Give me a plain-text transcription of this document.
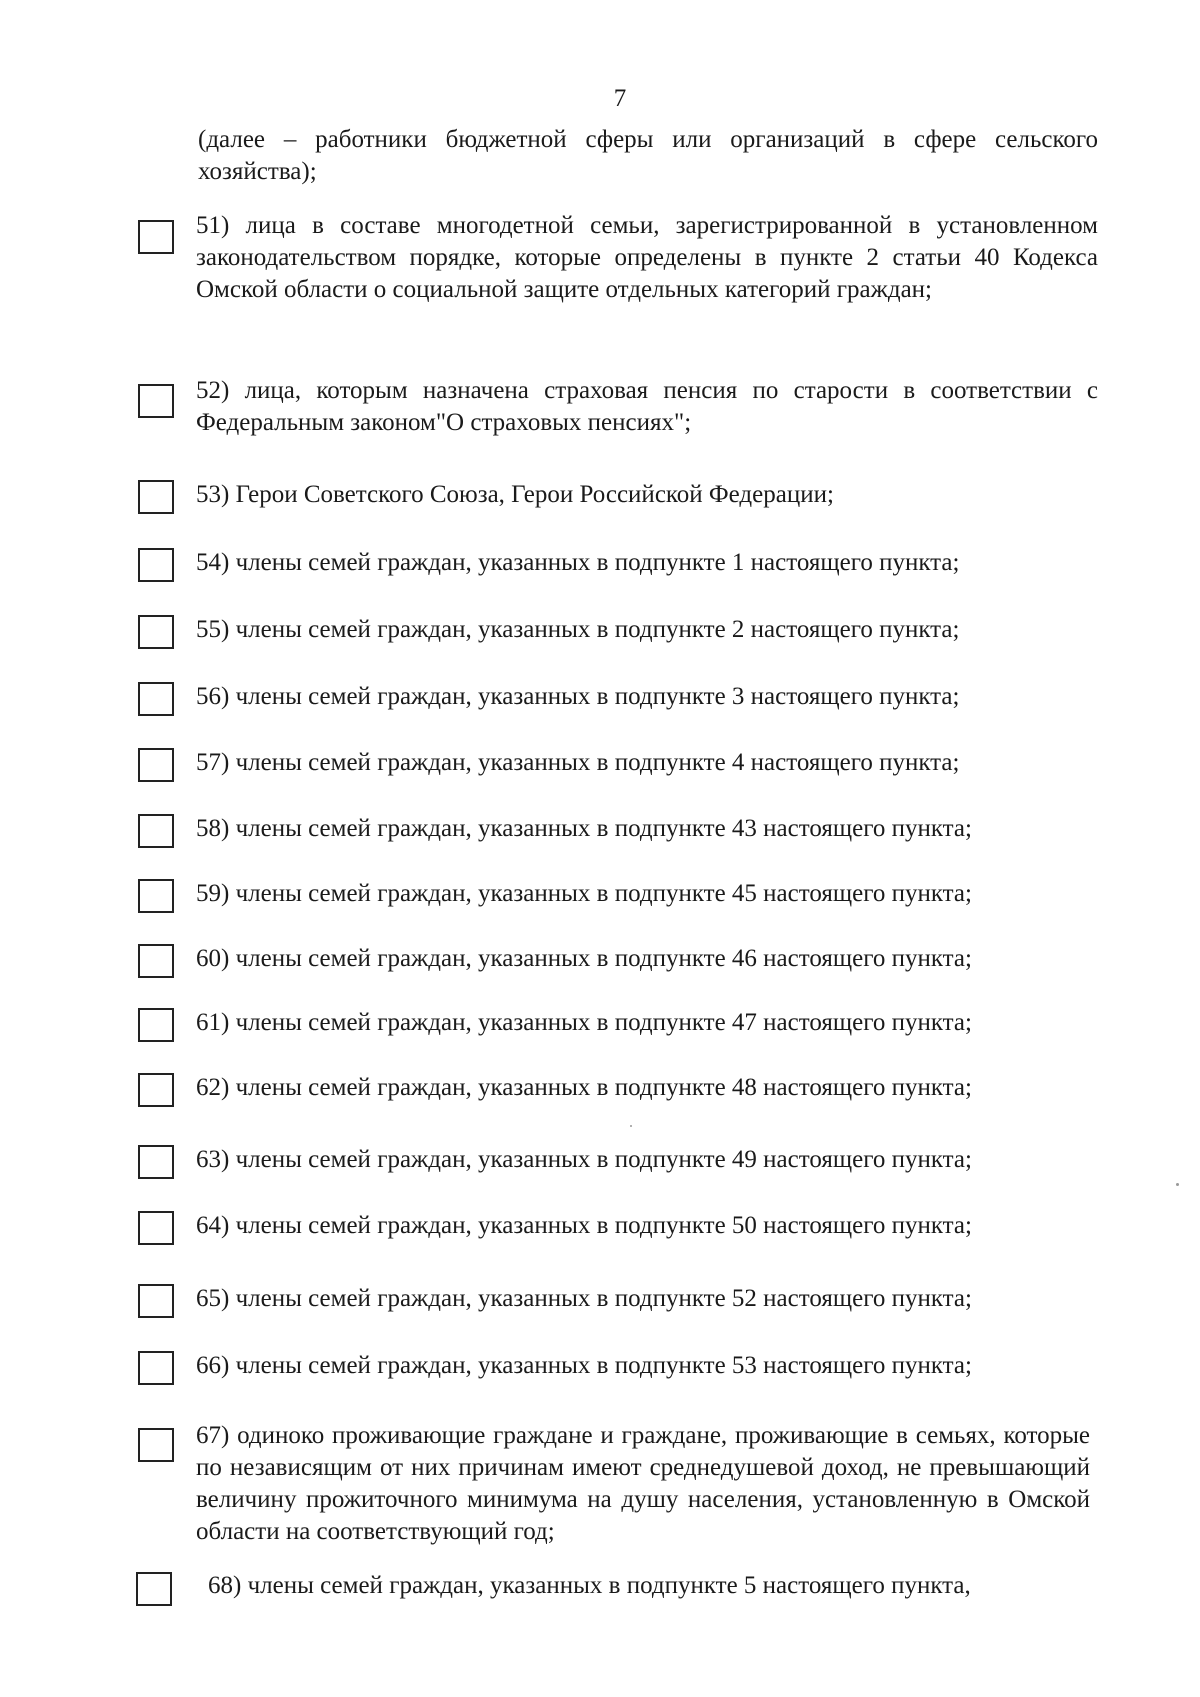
7
(далее – работники бюджетной сферы или организаций в сфере сельского хозяйства);
51) лица в составе многодетной семьи, зарегистрированной в установленном законодательством порядке, которые определены в пункте 2 статьи 40 Кодекса Омской области о социальной защите отдельных категорий граждан;
52) лица, которым назначена страховая пенсия по старости в соответствии с Федеральным законом"О страховых пенсиях";
53) Герои Советского Союза, Герои Российской Федерации;
54) члены семей граждан, указанных в подпункте 1 настоящего пункта;
55) члены семей граждан, указанных в подпункте 2 настоящего пункта;
56) члены семей граждан, указанных в подпункте 3 настоящего пункта;
57) члены семей граждан, указанных в подпункте 4 настоящего пункта;
58) члены семей граждан, указанных в подпункте 43 настоящего пункта;
59) члены семей граждан, указанных в подпункте 45 настоящего пункта;
60) члены семей граждан, указанных в подпункте 46 настоящего пункта;
61) члены семей граждан, указанных в подпункте 47 настоящего пункта;
62) члены семей граждан, указанных в подпункте 48 настоящего пункта;
63) члены семей граждан, указанных в подпункте 49 настоящего пункта;
64) члены семей граждан, указанных в подпункте 50 настоящего пункта;
65) члены семей граждан, указанных в подпункте 52 настоящего пункта;
66) члены семей граждан, указанных в подпункте 53 настоящего пункта;
67) одиноко проживающие граждане и граждане, проживающие в семьях, которые по независящим от них причинам имеют среднедушевой доход, не превышающий величину прожиточного минимума на душу населения, установленную в Омской области на соответствующий год;
68) члены семей граждан, указанных в подпункте 5 настоящего пункта,
